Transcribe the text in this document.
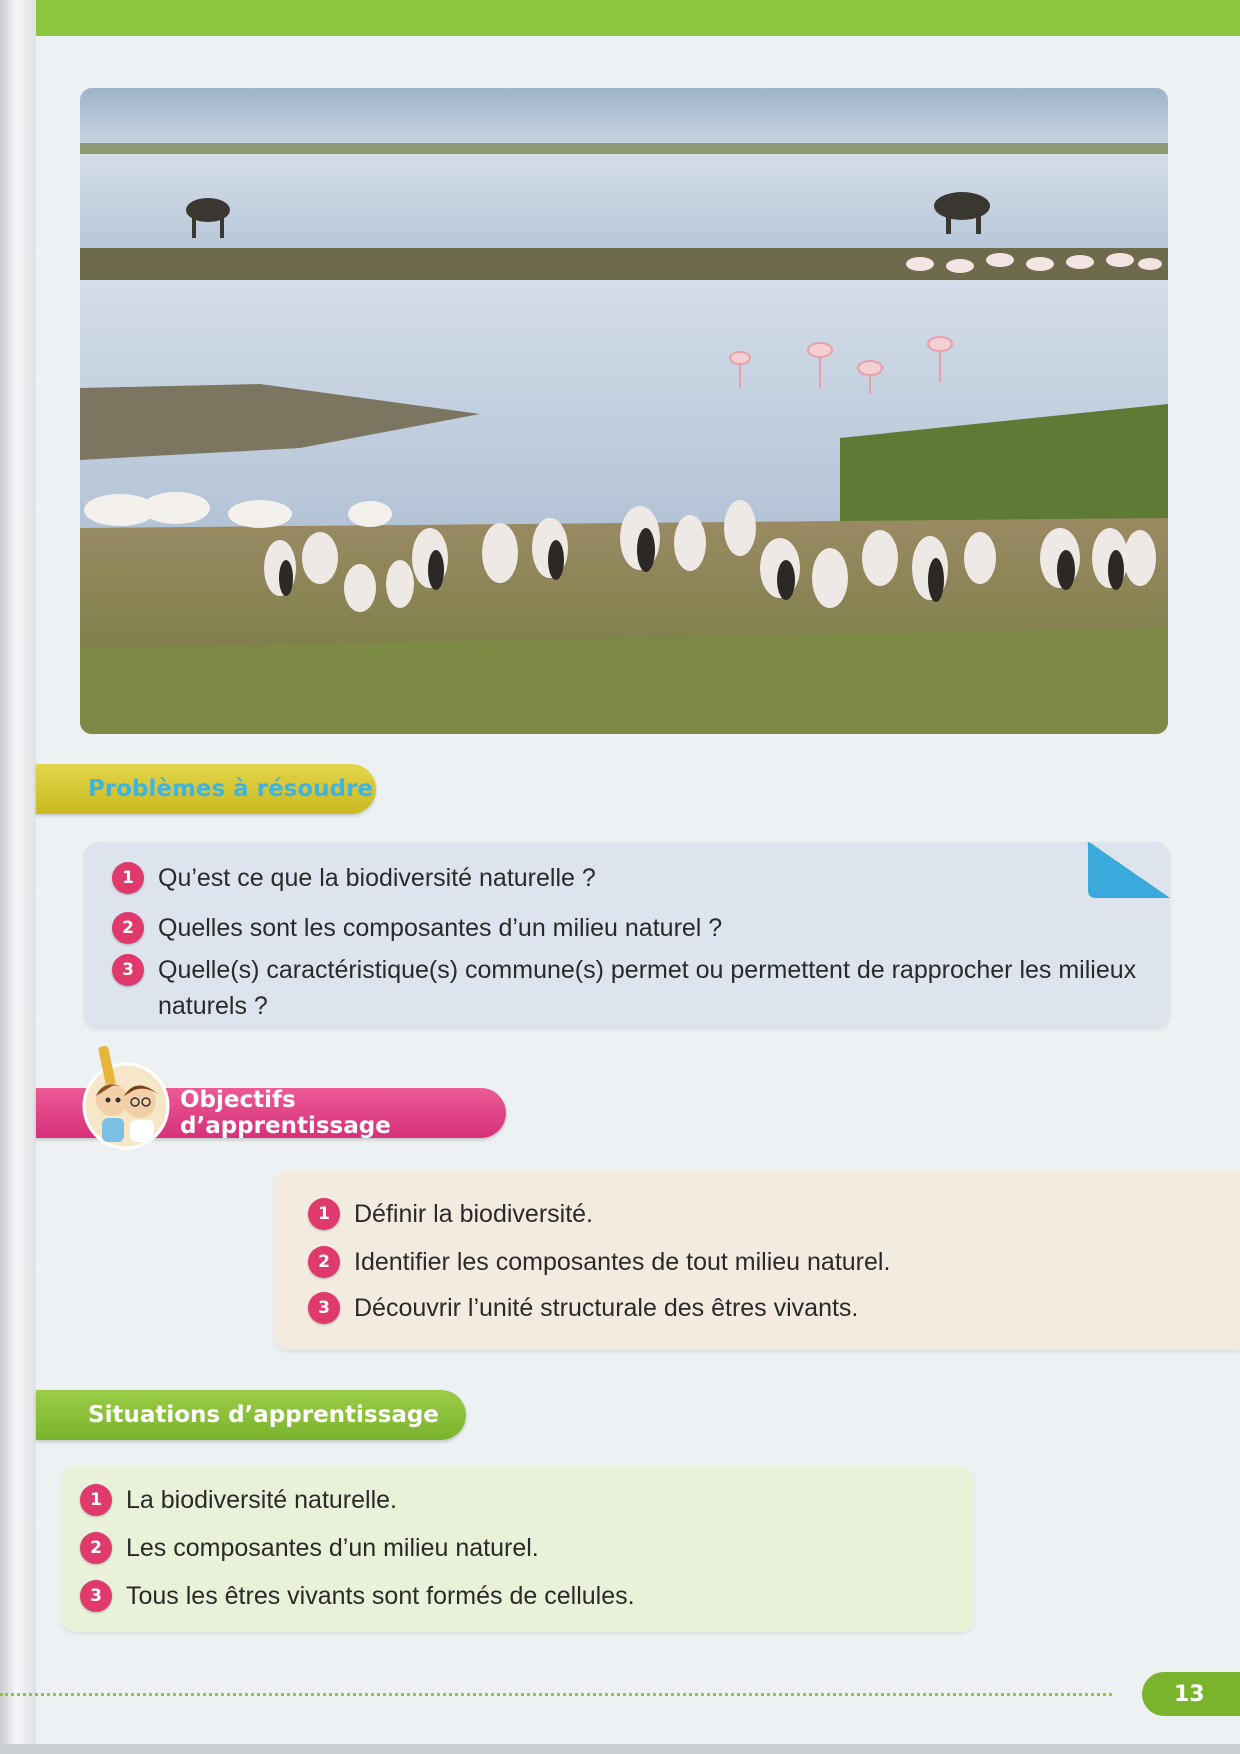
Problèmes à résoudre
1 Qu’est ce que la biodiversité naturelle ?
2 Quelles sont les composantes d’un milieu naturel ?
3 Quelle(s) caractéristique(s) commune(s) permet ou permettent de rapprocher les milieux naturels ?
Objectifs d’apprentissage
1 Définir la biodiversité.
2 Identifier les composantes de tout milieu naturel.
3 Découvrir l’unité structurale des êtres vivants.
Situations d’apprentissage
1 La biodiversité naturelle.
2 Les composantes d’un milieu naturel.
3 Tous les êtres vivants sont formés de cellules.
13
